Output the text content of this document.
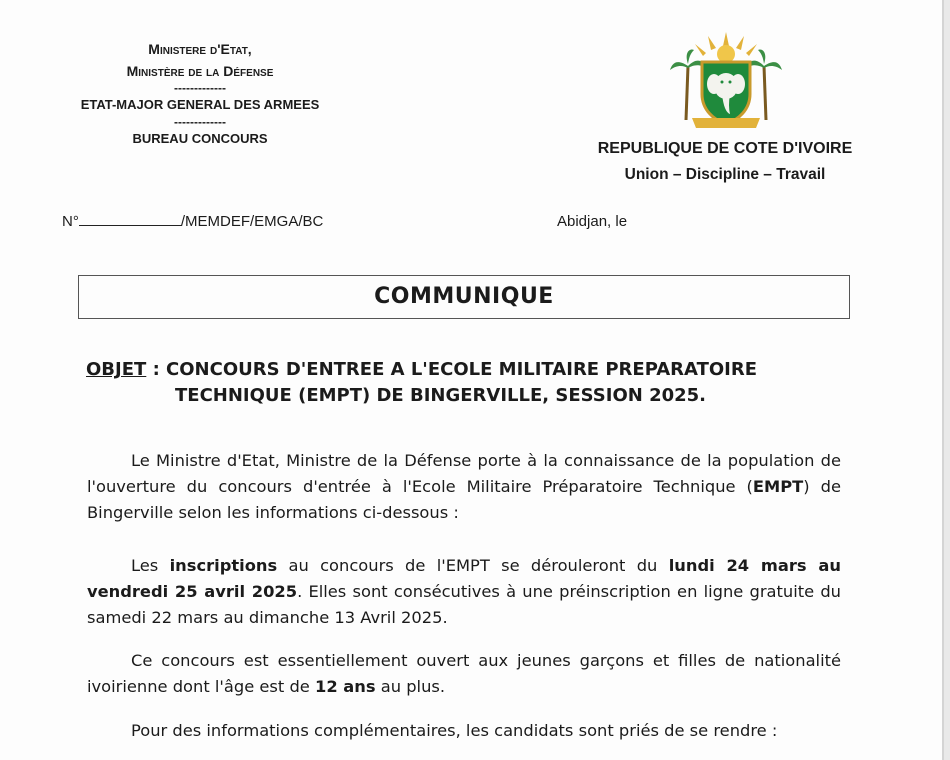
Ministere d'Etat,
Ministère de la Défense
-------------
ETAT-MAJOR GENERAL DES ARMEES
-------------
BUREAU CONCOURS
REPUBLIQUE DE COTE D'IVOIRE
Union – Discipline – Travail
N°	/MEMDEF/EMGA/BC	Abidjan, le
COMMUNIQUE
OBJET : CONCOURS D'ENTREE A L'ECOLE MILITAIRE PREPARATOIRE
TECHNIQUE (EMPT) DE BINGERVILLE, SESSION 2025.
Le Ministre d'Etat, Ministre de la Défense porte à la connaissance de la population de l'ouverture du concours d'entrée à l'Ecole Militaire Préparatoire Technique (EMPT) de Bingerville selon les informations ci-dessous :
Les inscriptions au concours de l'EMPT se dérouleront du lundi 24 mars au vendredi 25 avril 2025. Elles sont consécutives à une préinscription en ligne gratuite du samedi 22 mars au dimanche 13 Avril 2025.
Ce concours est essentiellement ouvert aux jeunes garçons et filles de nationalité ivoirienne dont l'âge est de 12 ans au plus.
Pour des informations complémentaires, les candidats sont priés de se rendre :
